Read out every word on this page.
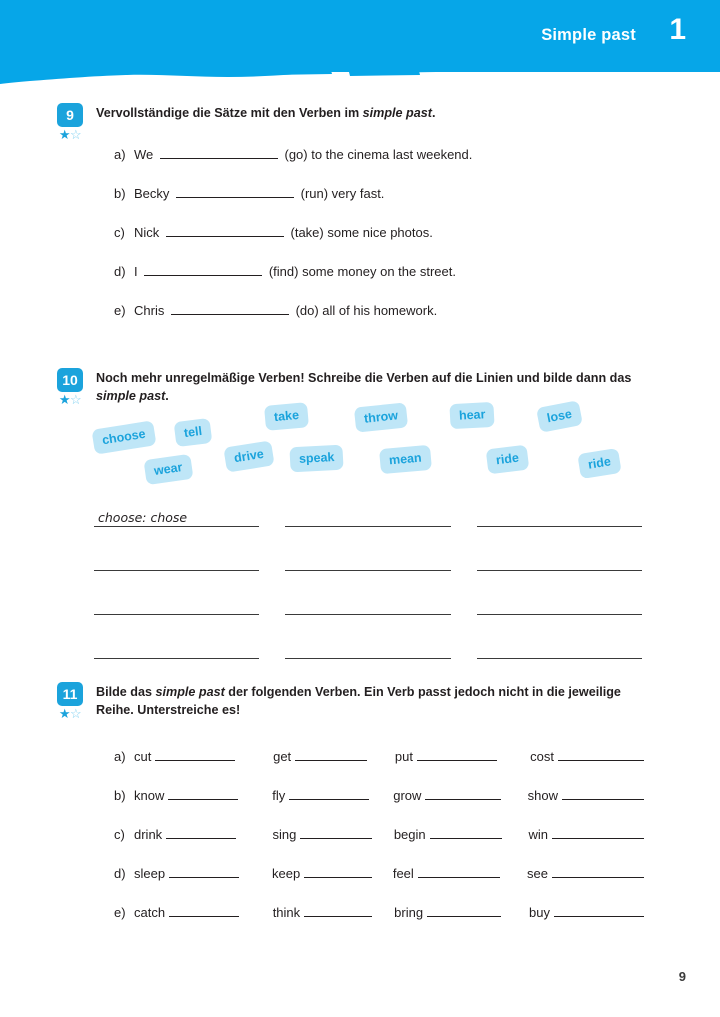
Simple past 1
9
★☆
Vervollständige die Sätze mit den Verben im simple past.
a) We	(go) to the cinema last weekend.
b) Becky	(run) very fast.
c) Nick	(take) some nice photos.
d) I	(find) some money on the street.
e) Chris	(do) all of his homework.
10
★☆
Noch mehr unregelmäßige Verben! Schreibe die Verben auf die Linien und bilde dann das simple past.
choose	tell
take
drive	speak
wear
throw
mean
hear
ride
lose
ride
choose: chose
11
★☆
Bilde das simple past der folgenden Verben. Ein Verb passt jedoch nicht in die jeweilige Reihe. Unterstreiche es!
a) cut	get	put	cost
b) know	fly	grow	show
c) drink	sing	begin	win
d) sleep	keep	feel	see
e) catch	think	bring	buy
9
